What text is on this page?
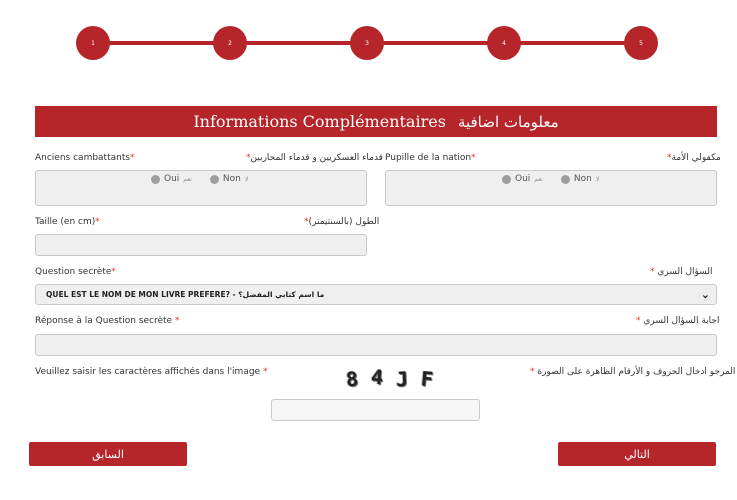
1	2	3	4	5
Informations Complémentaires معلومات اضافية
Anciens cambattants*	قدماء العسكريين و قدماء المحاربين*
Oui نعم	Non لا
Pupille de la nation*	مكفولي الأمة*
Oui نعم	Non لا
Taille (en cm)*	الطول (بالسنتيمتر)*
Question secrète*	السؤال السري *
QUEL EST LE NOM DE MON LIVRE PREFERE? - ما اسم كتابي المفضل؟	⌄
Réponse à la Question secrète *	اجابة السؤال السري *
Veuillez saisir les caractères affichés dans l'image *	المرجو ادخال الحروف و الأرقام الظاهرة على الصورة *
8 4 J F
السابق	التالي
